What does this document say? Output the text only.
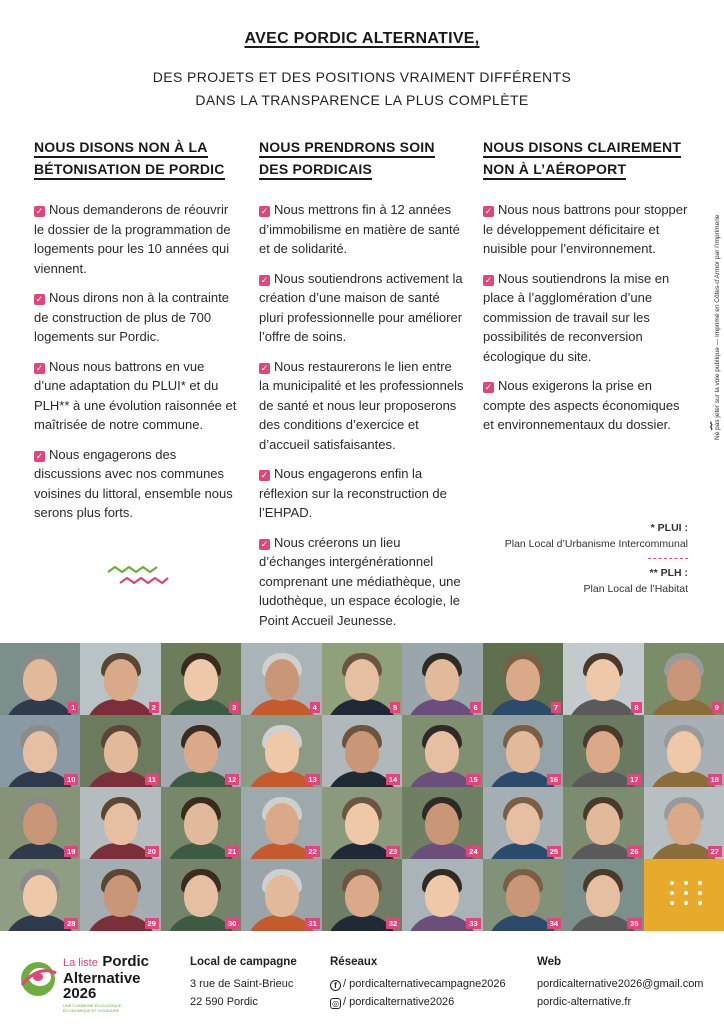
AVEC PORDIC ALTERNATIVE,
DES PROJETS ET DES POSITIONS VRAIMENT DIFFÉRENTS
DANS LA TRANSPARENCE LA PLUS COMPLÈTE
NOUS DISONS NON À LA
BÉTONISATION DE PORDIC
✓ Nous demanderons de réouvrir le dossier de la programmation de logements pour les 10 années qui viennent.
✓ Nous dirons non à la contrainte de construction de plus de 700 logements sur Pordic.
✓ Nous nous battrons en vue d’une adaptation du PLUI* et du PLH** à une évolution raisonnée et maîtrisée de notre commune.
✓ Nous engagerons des discussions avec nos communes voisines du littoral, ensemble nous serons plus forts.
NOUS PRENDRONS SOIN
DES PORDICAIS
✓ Nous mettrons fin à 12 années d’immobilisme en matière de santé et de solidarité.
✓ Nous soutiendrons activement la création d’une maison de santé pluri professionnelle pour améliorer l’offre de soins.
✓ Nous restaurerons le lien entre la municipalité et les professionnels de santé et nous leur proposerons des conditions d’exercice et d’accueil satisfaisantes.
✓ Nous engagerons enfin la réflexion sur la reconstruction de l’EHPAD.
✓ Nous créerons un lieu d’échanges intergénérationnel comprenant une médiathèque, une ludothèque, un espace écologie, le Point Accueil Jeunesse.
NOUS DISONS CLAIREMENT
NON À L’AÉROPORT
✓ Nous nous battrons pour stopper le développement déficitaire et nuisible pour l’environnement.
✓ Nous soutiendrons la mise en place à l’agglomération d’une commission de travail sur les possibilités de reconversion écologique du site.
✓ Nous exigerons la prise en compte des aspects économiques et environnementaux du dossier.
* PLUI :
Plan Local d’Urbanisme Intercommunal
** PLH :
Plan Local de l’Habitat
Ne pas jeter sur la voie publique — Imprimé en Côtes-d’Armor par l’imprimerie
⌇
1	2	3	4	5	6	7	8	9
10	11	12	13	14	15	16	17	18
19	20	21	22	23	24	25	26	27
28	29	30	31	32	33	34	35
La liste Pordic
Alternative
2026
UNE COMMUNE ÉCOLOGIQUE, ÉCONOMIQUE ET SOLIDAIRE
Local de campagne
3 rue de Saint-Brieuc
22 590 Pordic
Réseaux
f / pordicalternativecampagne2026
◎ / pordicalternative2026
Web
pordicalternative2026@gmail.com
pordic-alternative.fr
